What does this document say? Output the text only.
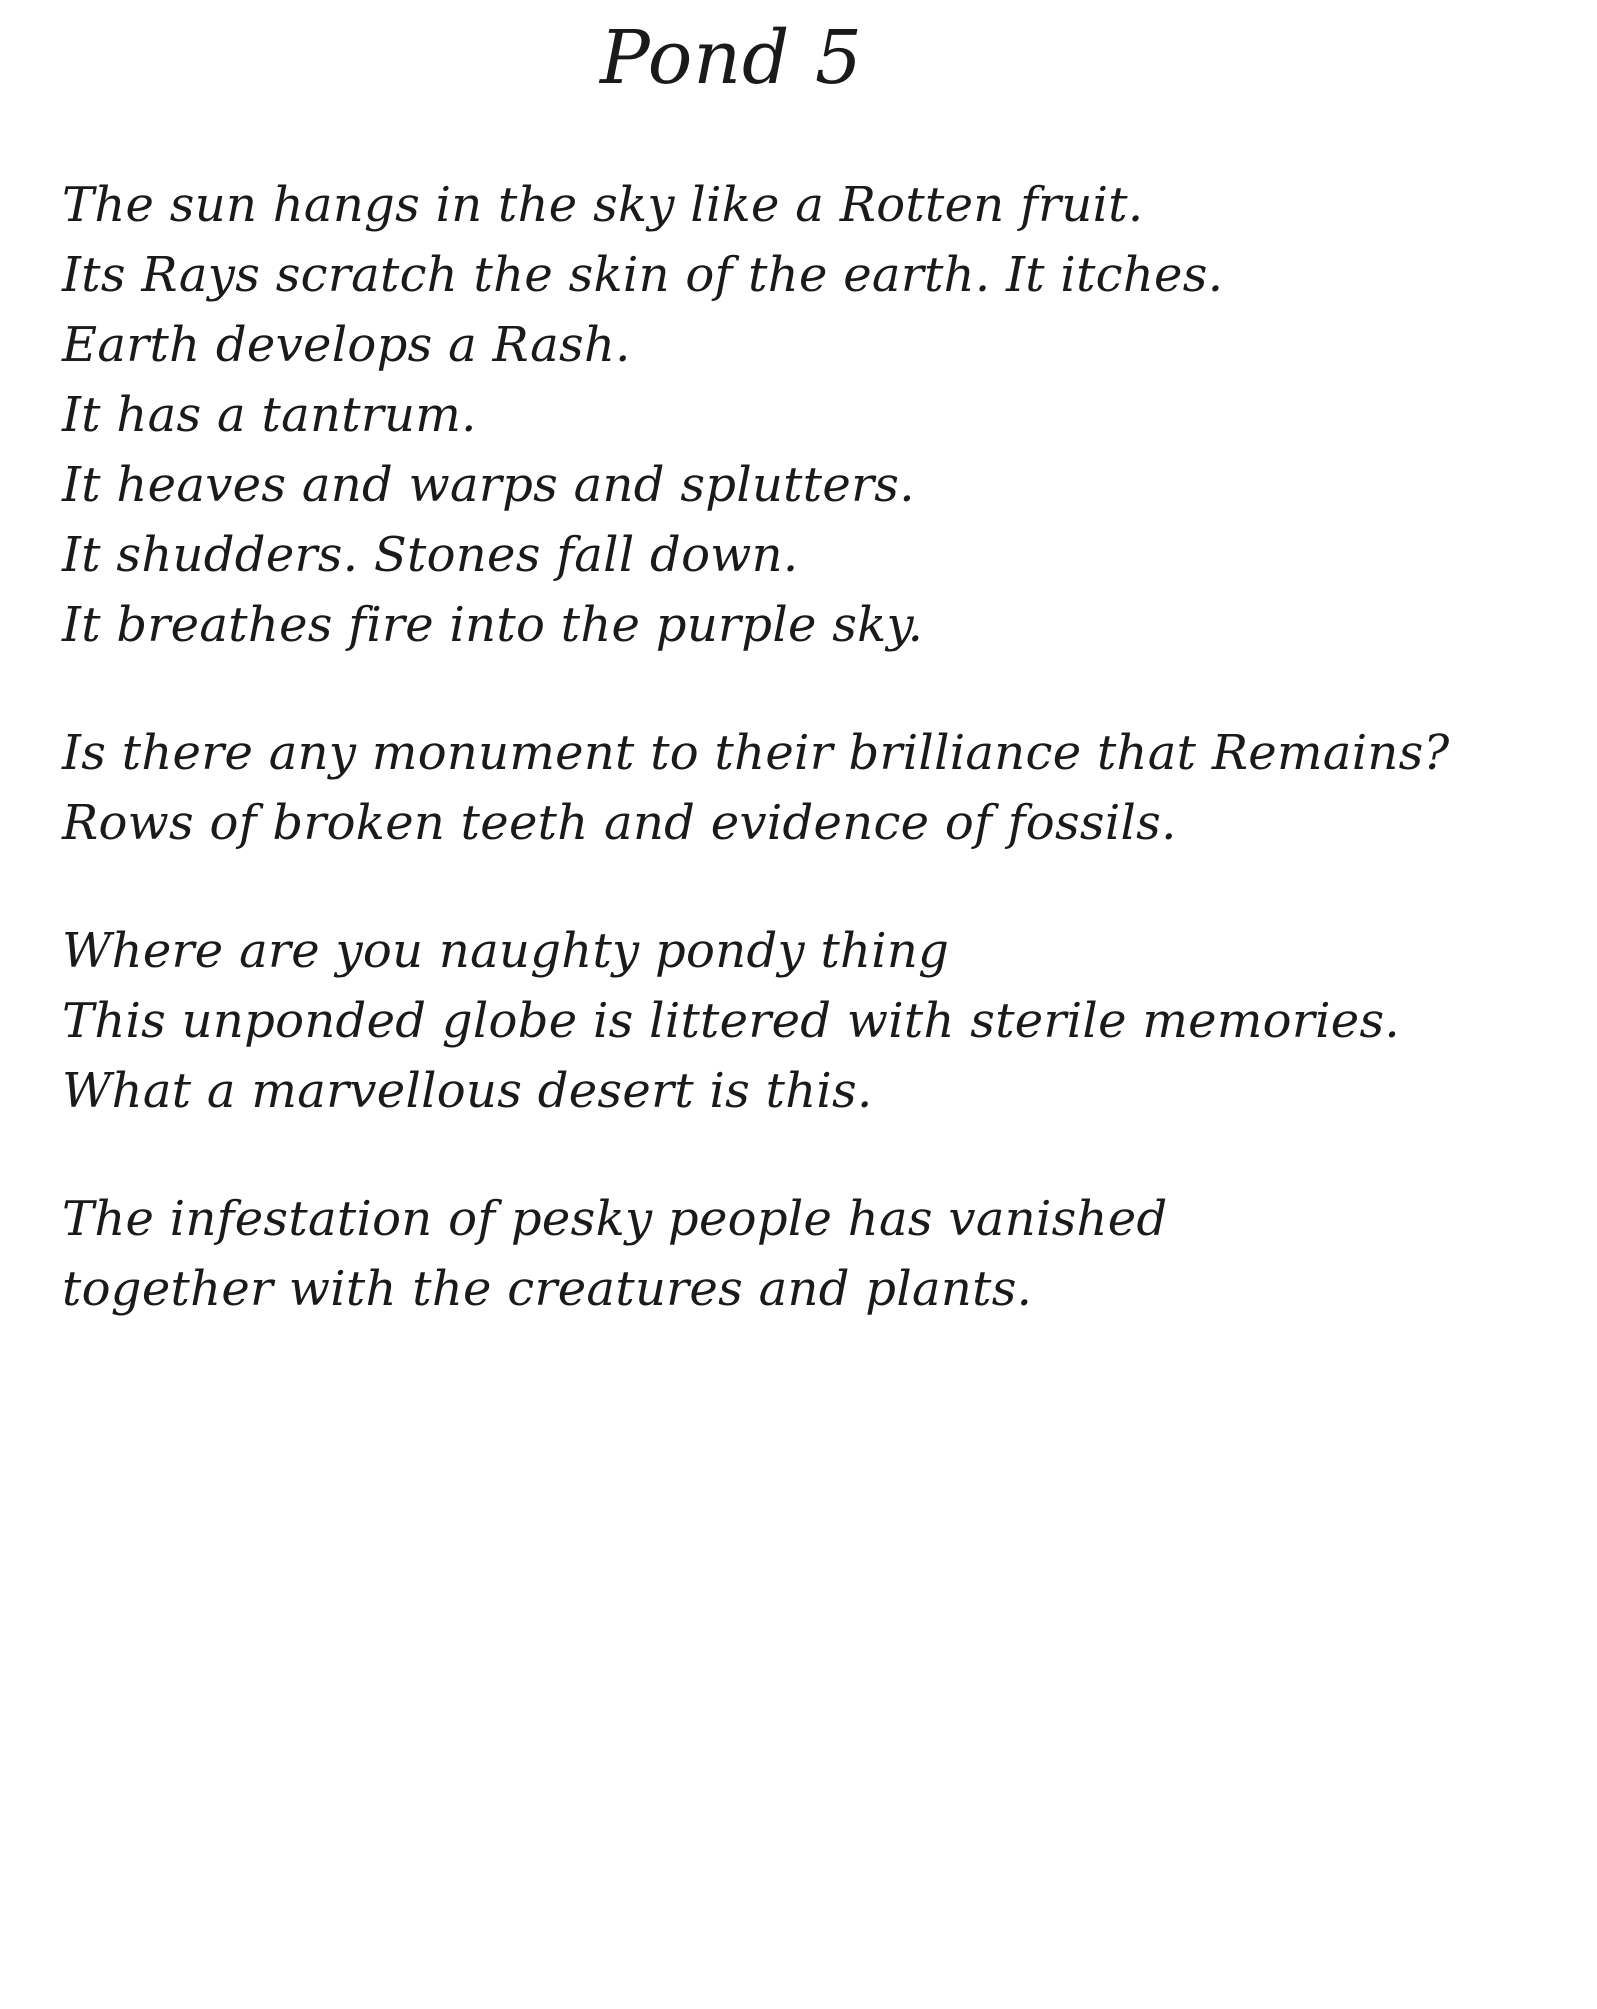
Pond 5
The sun hangs in the sky like a Rotten fruit.
Its Rays scratch the skin of the earth. It itches.
Earth develops a Rash.
It has a tantrum.
It heaves and warps and splutters.
It shudders. Stones fall down.
It breathes fire into the purple sky.
Is there any monument to their brilliance that Remains?
Rows of broken teeth and evidence of fossils.
Where are you naughty pondy thing
This unponded globe is littered with sterile memories.
What a marvellous desert is this.
The infestation of pesky people has vanished
together with the creatures and plants.
